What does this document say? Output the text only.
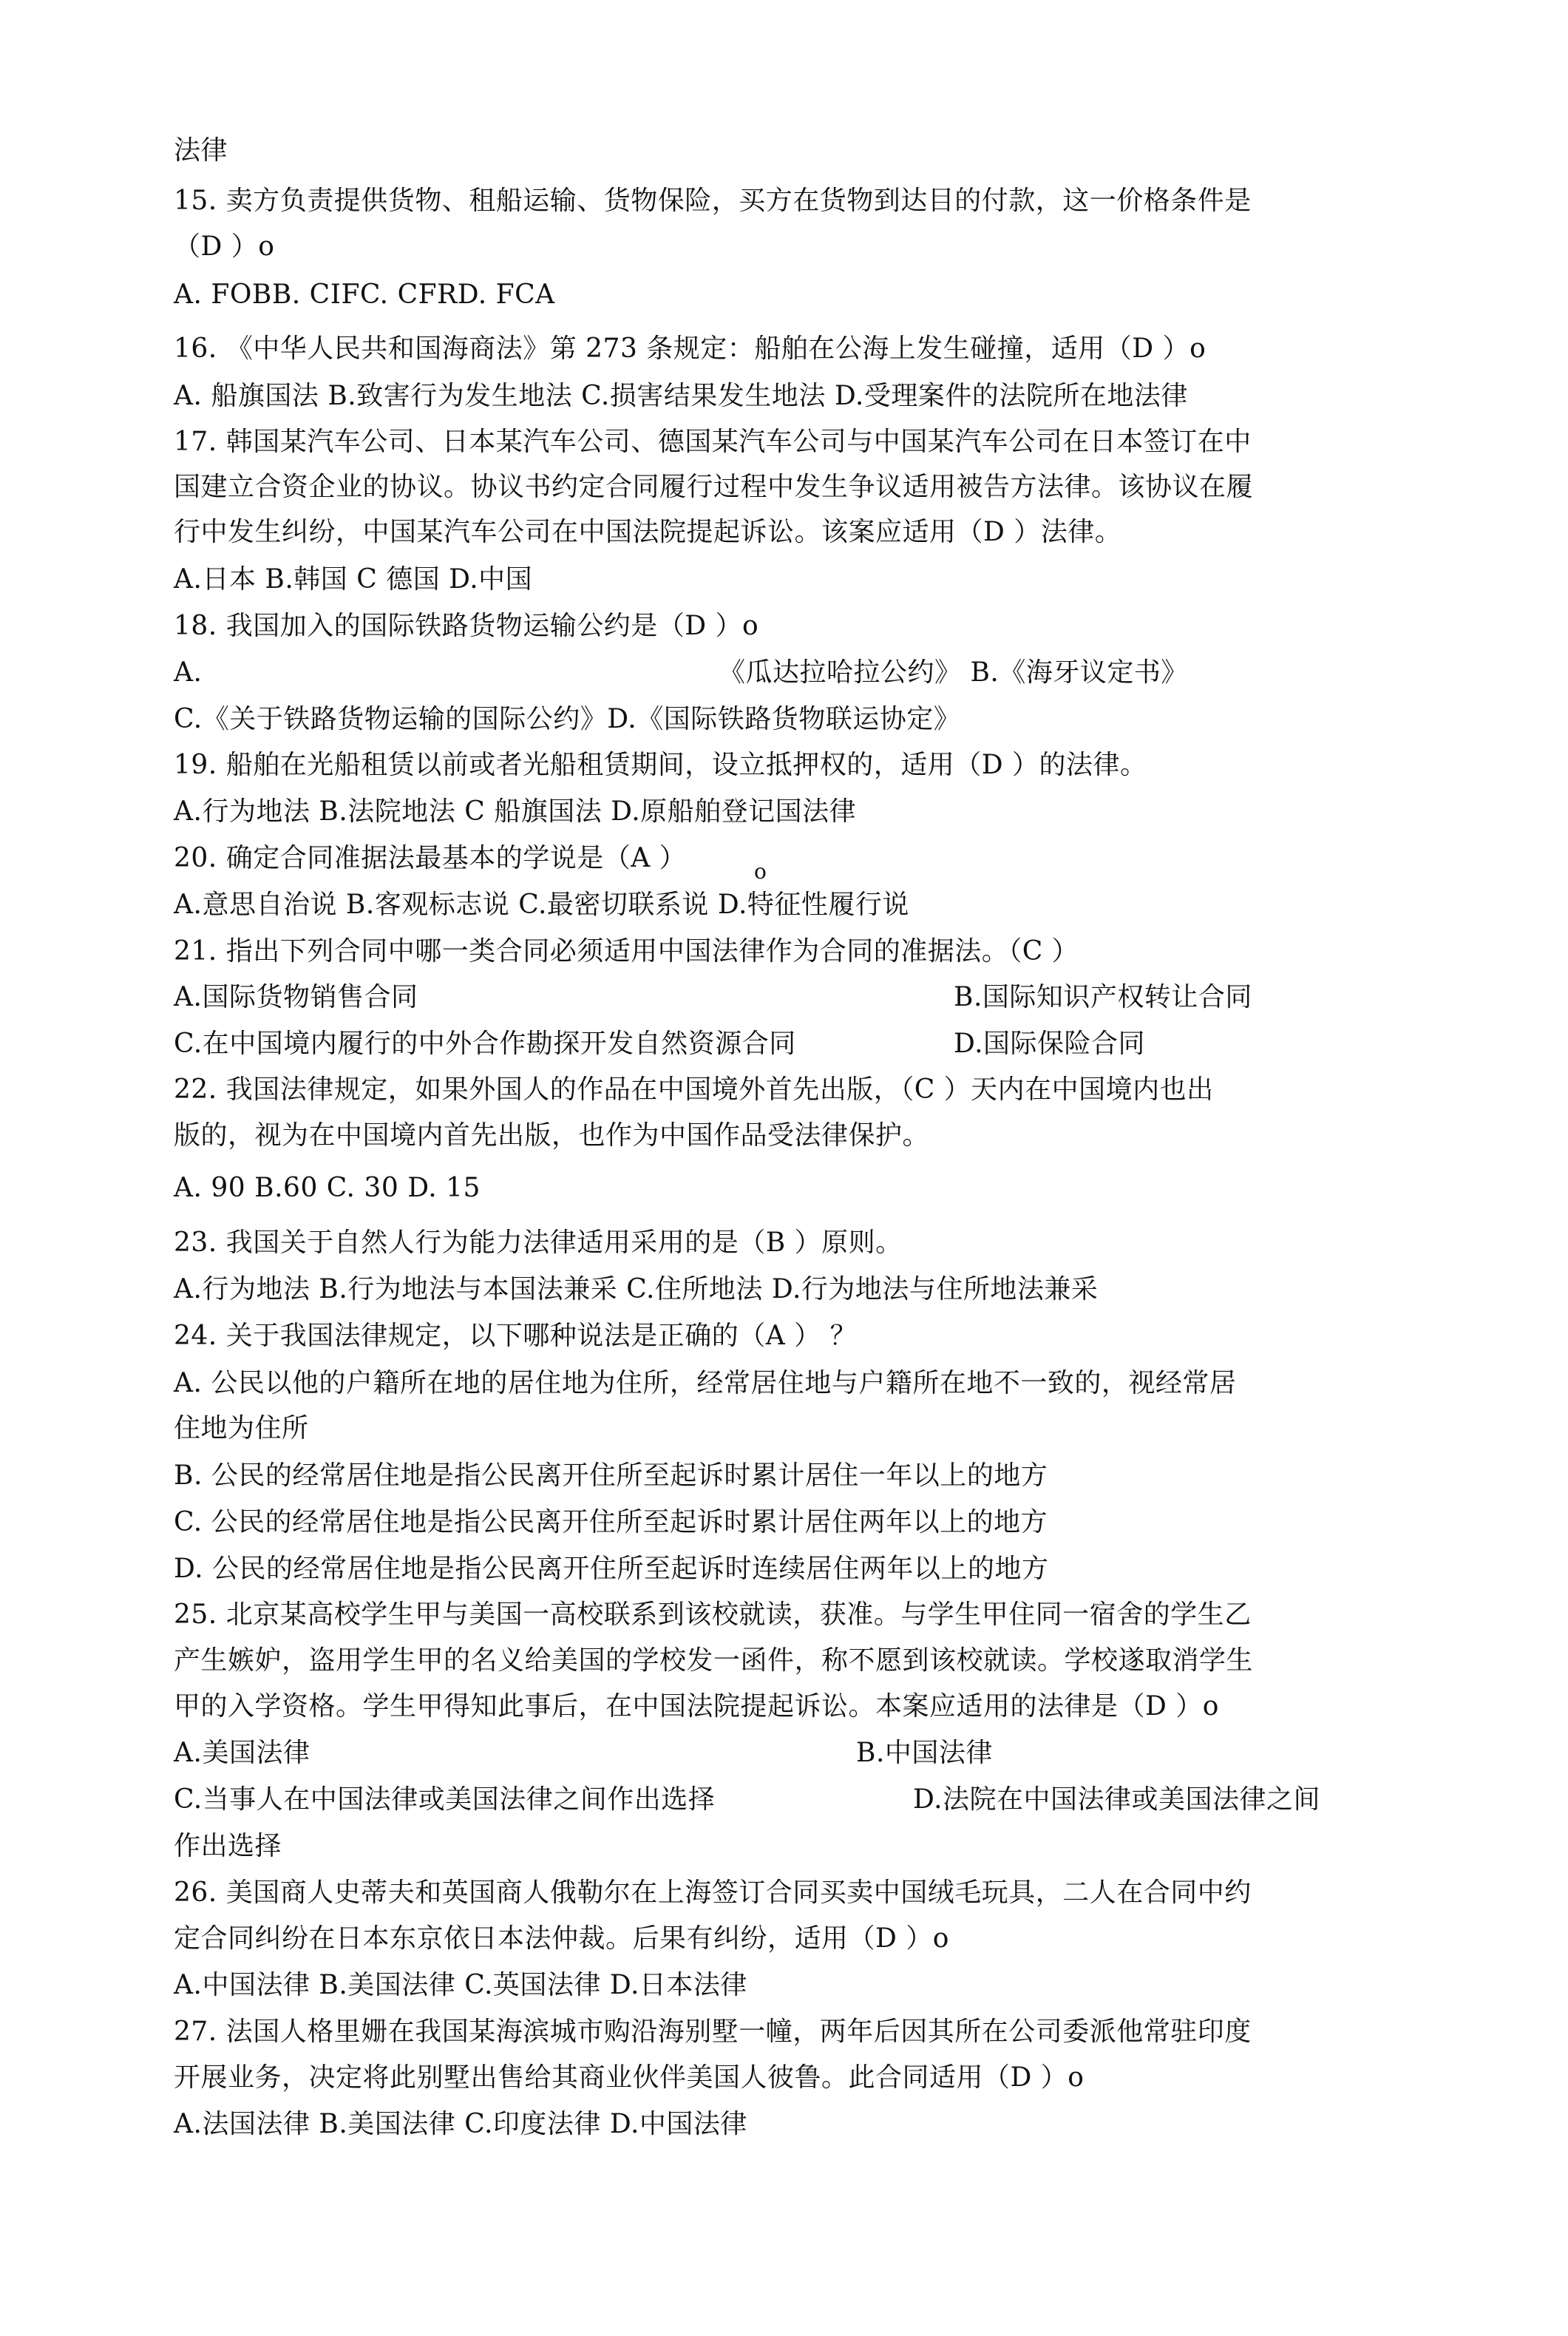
法律
15. 卖方负责提供货物、租船运输、货物保险，买方在货物到达目的付款，这一价格条件是
（D ）o
A. FOBB. CIFC. CFRD. FCA
16. 《中华人民共和国海商法》第 273 条规定：船舶在公海上发生碰撞，适用（D ）o
A. 船旗国法 B.致害行为发生地法 C.损害结果发生地法 D.受理案件的法院所在地法律
17. 韩国某汽车公司、日本某汽车公司、德国某汽车公司与中国某汽车公司在日本签订在中
国建立合资企业的协议。协议书约定合同履行过程中发生争议适用被告方法律。该协议在履
行中发生纠纷，中国某汽车公司在中国法院提起诉讼。该案应适用（D ）法律。
A.日本 B.韩国 C 德国 D.中国
18. 我国加入的国际铁路货物运输公约是（D ）o
A.	《瓜达拉哈拉公约》 B.《海牙议定书》
C.《关于铁路货物运输的国际公约》D.《国际铁路货物联运协定》
19. 船舶在光船租赁以前或者光船租赁期间，设立抵押权的，适用（D ）的法律。
A.行为地法 B.法院地法 C 船旗国法 D.原船舶登记国法律
20. 确定合同准据法最基本的学说是（A ）	o
A.意思自治说 B.客观标志说 C.最密切联系说 D.特征性履行说
21. 指出下列合同中哪一类合同必须适用中国法律作为合同的准据法。（C ）
A.国际货物销售合同	B.国际知识产权转让合同
C.在中国境内履行的中外合作勘探开发自然资源合同	D.国际保险合同
22. 我国法律规定，如果外国人的作品在中国境外首先出版，（C ）天内在中国境内也出
版的，视为在中国境内首先出版，也作为中国作品受法律保护。
A. 90 B.60 C. 30 D. 15
23. 我国关于自然人行为能力法律适用采用的是（B ）原则。
A.行为地法 B.行为地法与本国法兼采 C.住所地法 D.行为地法与住所地法兼采
24. 关于我国法律规定，以下哪种说法是正确的（A ） ？
A. 公民以他的户籍所在地的居住地为住所，经常居住地与户籍所在地不一致的，视经常居
住地为住所
B. 公民的经常居住地是指公民离开住所至起诉时累计居住一年以上的地方
C. 公民的经常居住地是指公民离开住所至起诉时累计居住两年以上的地方
D. 公民的经常居住地是指公民离开住所至起诉时连续居住两年以上的地方
25. 北京某高校学生甲与美国一高校联系到该校就读，获准。与学生甲住同一宿舍的学生乙
产生嫉妒，盗用学生甲的名义给美国的学校发一函件，称不愿到该校就读。学校遂取消学生
甲的入学资格。学生甲得知此事后，在中国法院提起诉讼。本案应适用的法律是（D ）o
A.美国法律	B.中国法律
C.当事人在中国法律或美国法律之间作出选择	D.法院在中国法律或美国法律之间
作出选择
26. 美国商人史蒂夫和英国商人俄勒尔在上海签订合同买卖中国绒毛玩具，二人在合同中约
定合同纠纷在日本东京依日本法仲裁。后果有纠纷，适用（D ）o
A.中国法律 B.美国法律 C.英国法律 D.日本法律
27. 法国人格里姗在我国某海滨城市购沿海别墅一幢，两年后因其所在公司委派他常驻印度
开展业务，决定将此别墅出售给其商业伙伴美国人彼鲁。此合同适用（D ）o
A.法国法律 B.美国法律 C.印度法律 D.中国法律
